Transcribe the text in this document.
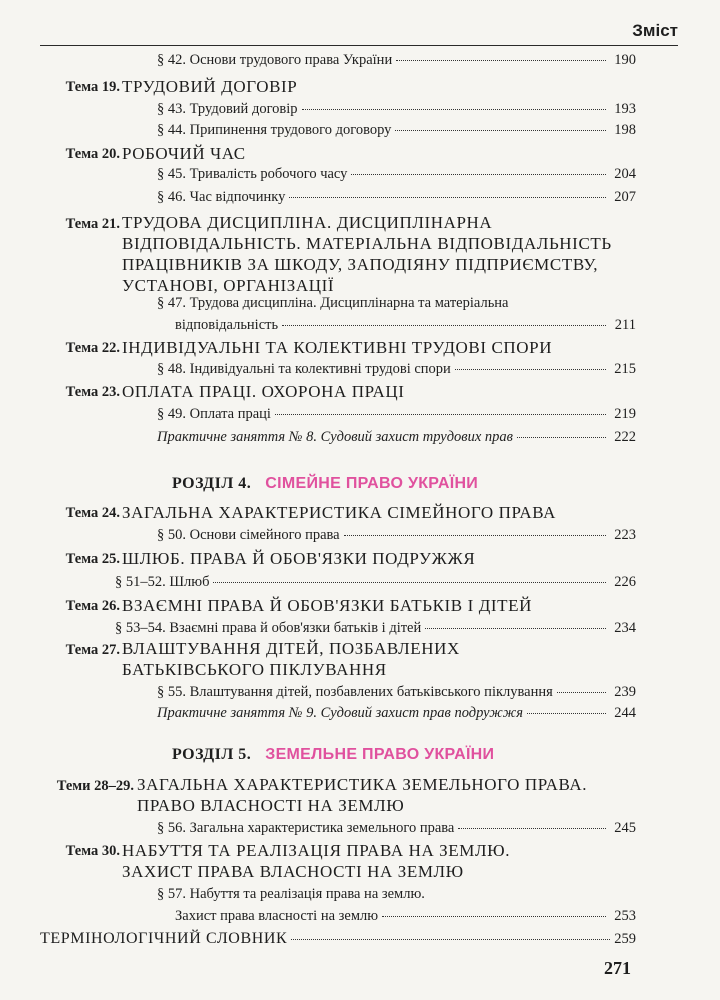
Зміст
§ 42. Основи трудового права України	190
Тема 19. ТРУДОВИЙ ДОГОВІР
§ 43. Трудовий договір	193
§ 44. Припинення трудового договору	198
Тема 20. РОБОЧИЙ ЧАС
§ 45. Тривалість робочого часу	204
§ 46. Час відпочинку	207
Тема 21. ТРУДОВА ДИСЦИПЛІНА. ДИСЦИПЛІНАРНА
ВІДПОВІДАЛЬНІСТЬ. МАТЕРІАЛЬНА ВІДПОВІДАЛЬНІСТЬ
ПРАЦІВНИКІВ ЗА ШКОДУ, ЗАПОДІЯНУ ПІДПРИЄМСТВУ,
УСТАНОВІ, ОРГАНІЗАЦІЇ
§ 47. Трудова дисципліна. Дисциплінарна та матеріальна
відповідальність	211
Тема 22. ІНДИВІДУАЛЬНІ ТА КОЛЕКТИВНІ ТРУДОВІ СПОРИ
§ 48. Індивідуальні та колективні трудові спори	215
Тема 23. ОПЛАТА ПРАЦІ. ОХОРОНА ПРАЦІ
§ 49. Оплата праці	219
Практичне заняття № 8. Судовий захист трудових прав	222
РОЗДІЛ 4. СІМЕЙНЕ ПРАВО УКРАЇНИ
Тема 24. ЗАГАЛЬНА ХАРАКТЕРИСТИКА СІМЕЙНОГО ПРАВА
§ 50. Основи сімейного права	223
Тема 25. ШЛЮБ. ПРАВА Й ОБОВ'ЯЗКИ ПОДРУЖЖЯ
§ 51–52. Шлюб	226
Тема 26. ВЗАЄМНІ ПРАВА Й ОБОВ'ЯЗКИ БАТЬКІВ І ДІТЕЙ
§ 53–54. Взаємні права й обов'язки батьків і дітей	234
Тема 27. ВЛАШТУВАННЯ ДІТЕЙ, ПОЗБАВЛЕНИХ
БАТЬКІВСЬКОГО ПІКЛУВАННЯ
§ 55. Влаштування дітей, позбавлених батьківського піклування	239
Практичне заняття № 9. Судовий захист прав подружжя	244
РОЗДІЛ 5. ЗЕМЕЛЬНЕ ПРАВО УКРАЇНИ
Теми 28–29. ЗАГАЛЬНА ХАРАКТЕРИСТИКА ЗЕМЕЛЬНОГО ПРАВА.
ПРАВО ВЛАСНОСТІ НА ЗЕМЛЮ
§ 56. Загальна характеристика земельного права	245
Тема 30. НАБУТТЯ ТА РЕАЛІЗАЦІЯ ПРАВА НА ЗЕМЛЮ.
ЗАХИСТ ПРАВА ВЛАСНОСТІ НА ЗЕМЛЮ
§ 57. Набуття та реалізація права на землю.
Захист права власності на землю	253
ТЕРМІНОЛОГІЧНИЙ СЛОВНИК	259
271
